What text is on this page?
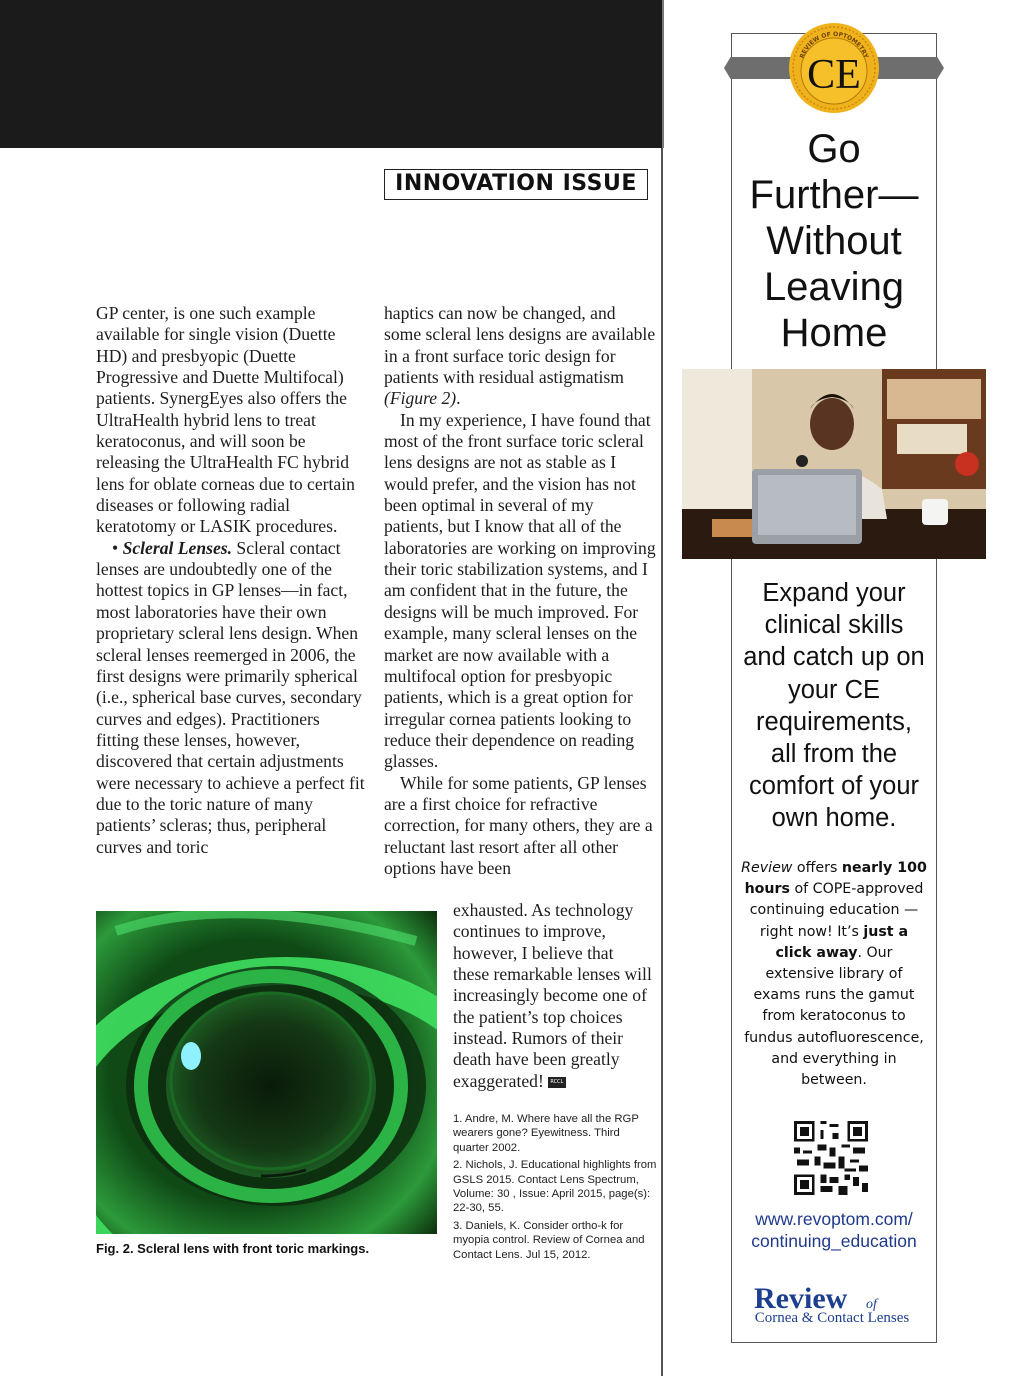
INNOVATION ISSUE

GP center, is one such example available for single vision (Duette HD) and presbyopic (Duette Progressive and Duette Multifocal) patients. SynergEyes also offers the UltraHealth hybrid lens to treat keratoconus, and will soon be releasing the UltraHealth FC hybrid lens for oblate corneas due to certain diseases or following radial keratotomy or LASIK procedures.

• Scleral Lenses. Scleral contact lenses are undoubtedly one of the hottest topics in GP lenses—in fact, most laboratories have their own proprietary scleral lens design. When scleral lenses reemerged in 2006, the first designs were primarily spherical (i.e., spherical base curves, secondary curves and edges). Practitioners fitting these lenses, however, discovered that certain adjustments were necessary to achieve a perfect fit due to the toric nature of many patients’ scleras; thus, peripheral curves and toric

haptics can now be changed, and some scleral lens designs are available in a front surface toric design for patients with residual astigmatism (Figure 2).

In my experience, I have found that most of the front surface toric scleral lens designs are not as stable as I would prefer, and the vision has not been optimal in several of my patients, but I know that all of the laboratories are working on improving their toric stabilization systems, and I am confident that in the future, the designs will be much improved. For example, many scleral lenses on the market are now available with a multifocal option for presbyopic patients, which is a great option for irregular cornea patients looking to reduce their dependence on reading glasses.

While for some patients, GP lenses are a first choice for refractive correction, for many others, they are a reluctant last resort after all other options have been

exhausted. As technology continues to improve, however, I believe that these remarkable lenses will increasingly become one of the patient’s top choices instead. Rumors of their death have been greatly exaggerated! RCCL

Fig. 2. Scleral lens with front toric markings.

1. Andre, M. Where have all the RGP wearers gone? Eyewitness. Third quarter 2002.

2. Nichols, J. Educational highlights from GSLS 2015. Contact Lens Spectrum, Volume: 30 , Issue: April 2015, page(s): 22-30, 55.

3. Daniels, K. Consider ortho-k for myopia control. Review of Cornea and Contact Lens. Jul 15, 2012.

REVIEW OF OPTOMETRY
CE
Go
Further—
Without
Leaving
Home
Expand your clinical skills and catch up on your CE requirements, all from the comfort of your own home.
Review offers nearly 100 hours of COPE-approved continuing education — right now! It’s just a click away. Our extensive library of exams runs the gamut from keratoconus to fundus autofluorescence, and everything in between.
www.revoptom.com/
continuing_education
Review of
Cornea & Contact Lenses
